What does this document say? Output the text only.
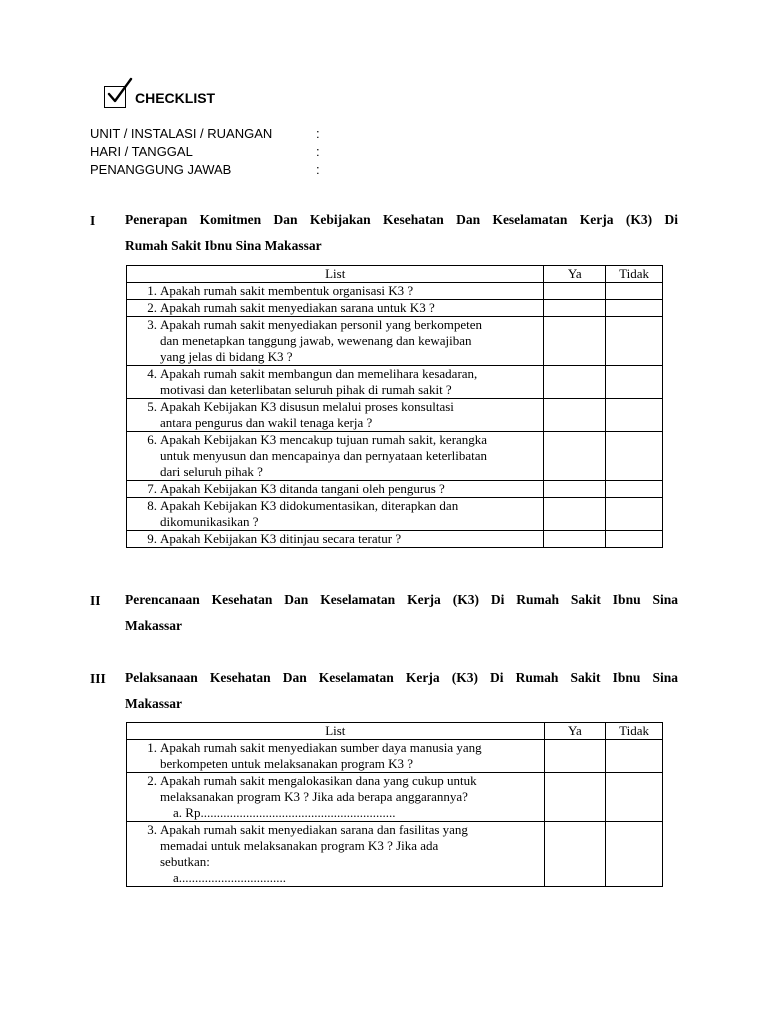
CHECKLIST
UNIT / INSTALASI / RUANGAN	:
HARI / TANGGAL	:
PENANGGUNG JAWAB	:
I Penerapan Komitmen Dan Kebijakan Kesehatan Dan Keselamatan Kerja (K3) Di
Rumah Sakit Ibnu Sina Makassar
List	Ya	Tidak

1. Apakah rumah sakit membentuk organisasi K3 ?		

2. Apakah rumah sakit menyediakan sarana untuk K3 ?		

3. Apakah rumah sakit menyediakan personil yang berkompeten
dan menetapkan tanggung jawab, wewenang dan kewajiban
yang jelas di bidang K3 ?		

4. Apakah rumah sakit membangun dan memelihara kesadaran,
motivasi dan keterlibatan seluruh pihak di rumah sakit ?		

5. Apakah Kebijakan K3 disusun melalui proses konsultasi
antara pengurus dan wakil tenaga kerja ?		

6. Apakah Kebijakan K3 mencakup tujuan rumah sakit, kerangka
untuk menyusun dan mencapainya dan pernyataan keterlibatan
dari seluruh pihak ?		

7. Apakah Kebijakan K3 ditanda tangani oleh pengurus ?		

8. Apakah Kebijakan K3 didokumentasikan, diterapkan dan
dikomunikasikan ?		

9. Apakah Kebijakan K3 ditinjau secara teratur ?		

II Perencanaan Kesehatan Dan Keselamatan Kerja (K3) Di Rumah Sakit Ibnu Sina
Makassar
III Pelaksanaan Kesehatan Dan Keselamatan Kerja (K3) Di Rumah Sakit Ibnu Sina
Makassar
List	Ya	Tidak

1. Apakah rumah sakit menyediakan sumber daya manusia yang
berkompeten untuk melaksanakan program K3 ?		

2. Apakah rumah sakit mengalokasikan dana yang cukup untuk
melaksanakan program K3 ? Jika ada berapa anggarannya?
a. Rp............................................................		

3. Apakah rumah sakit menyediakan sarana dan fasilitas yang
memadai untuk melaksanakan program K3 ? Jika ada
sebutkan:
a.................................		
